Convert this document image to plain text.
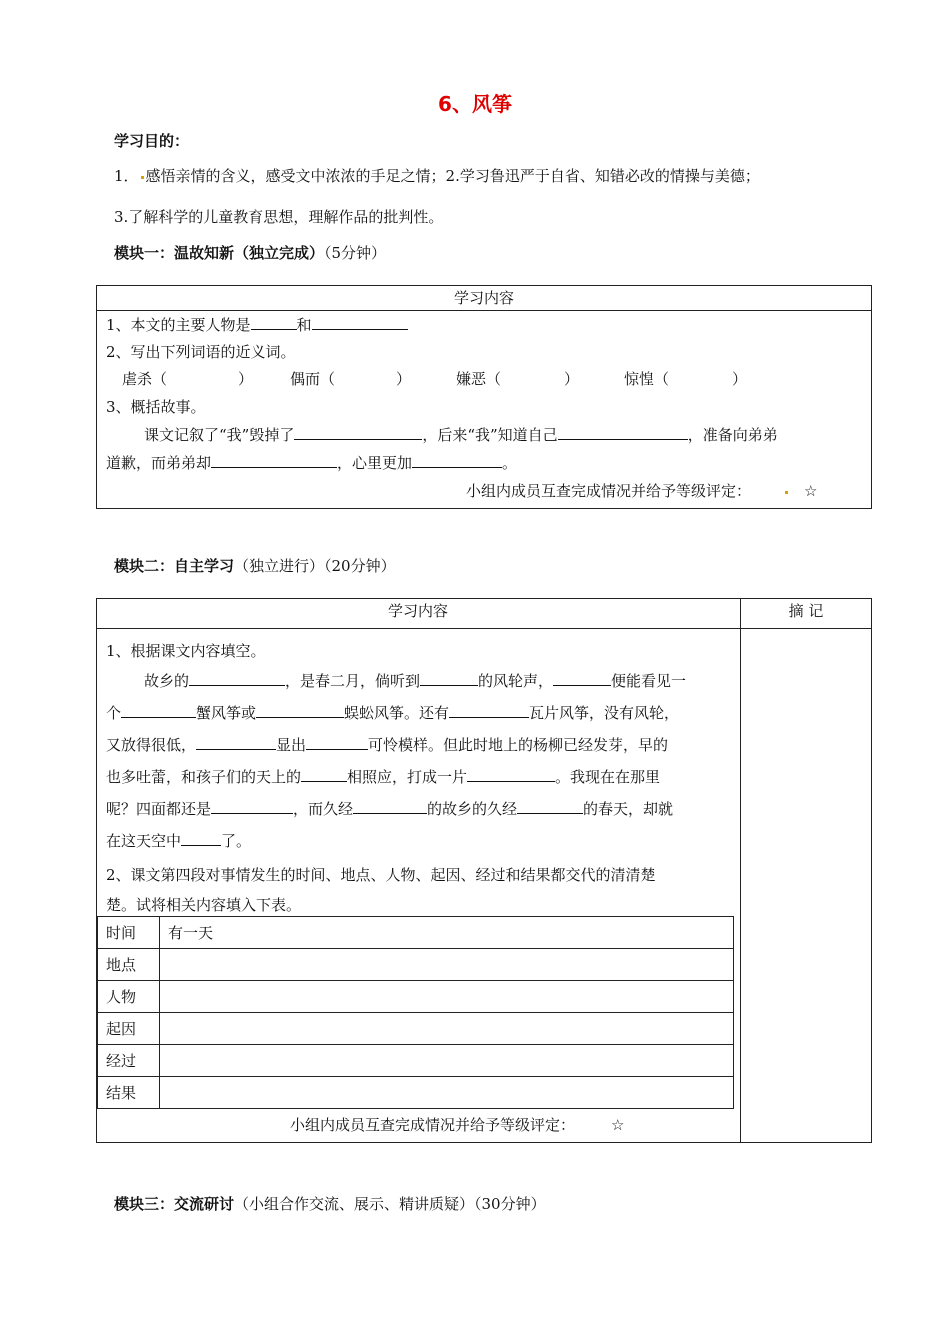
6、风筝
学习目的：
1． 感悟亲情的含义，感受文中浓浓的手足之情；2.学习鲁迅严于自省、知错必改的情操与美德；
3.了解科学的儿童教育思想，理解作品的批判性。
模块一：温故知新（独立完成）（5分钟）
学习内容
1、本文的主要人物是	和
2、写出下列词语的近义词。
虐杀（	） 偶而（	）	嫌恶（	）	惊惶（	）
3、概括故事。
课文记叙了“我”毁掉了	，后来“我”知道自己	，准备向弟弟
道歉，而弟弟却	，心里更加	。
小组内成员互查完成情况并给予等级评定：	☆
模块二：自主学习（独立进行）（20分钟）
学习内容	摘 记
1、根据课文内容填空。
故乡的	，是春二月，倘听到	的风轮声，	便能看见一
个	蟹风筝或	蜈蚣风筝。还有	瓦片风筝，没有风轮，
又放得很低，	显出	可怜模样。但此时地上的杨柳已经发芽，早的
也多吐蕾，和孩子们的天上的	相照应，打成一片	。我现在在那里
呢？四面都还是	，而久经	的故乡的久经	的春天，却就
在这天空中	了。
2、课文第四段对事情发生的时间、地点、人物、起因、经过和结果都交代的清清楚
楚。试将相关内容填入下表。
时间	有一天
地点	
人物	
起因	
经过	
结果	
小组内成员互查完成情况并给予等级评定： ☆
模块三：交流研讨（小组合作交流、展示、精讲质疑）（30分钟）
